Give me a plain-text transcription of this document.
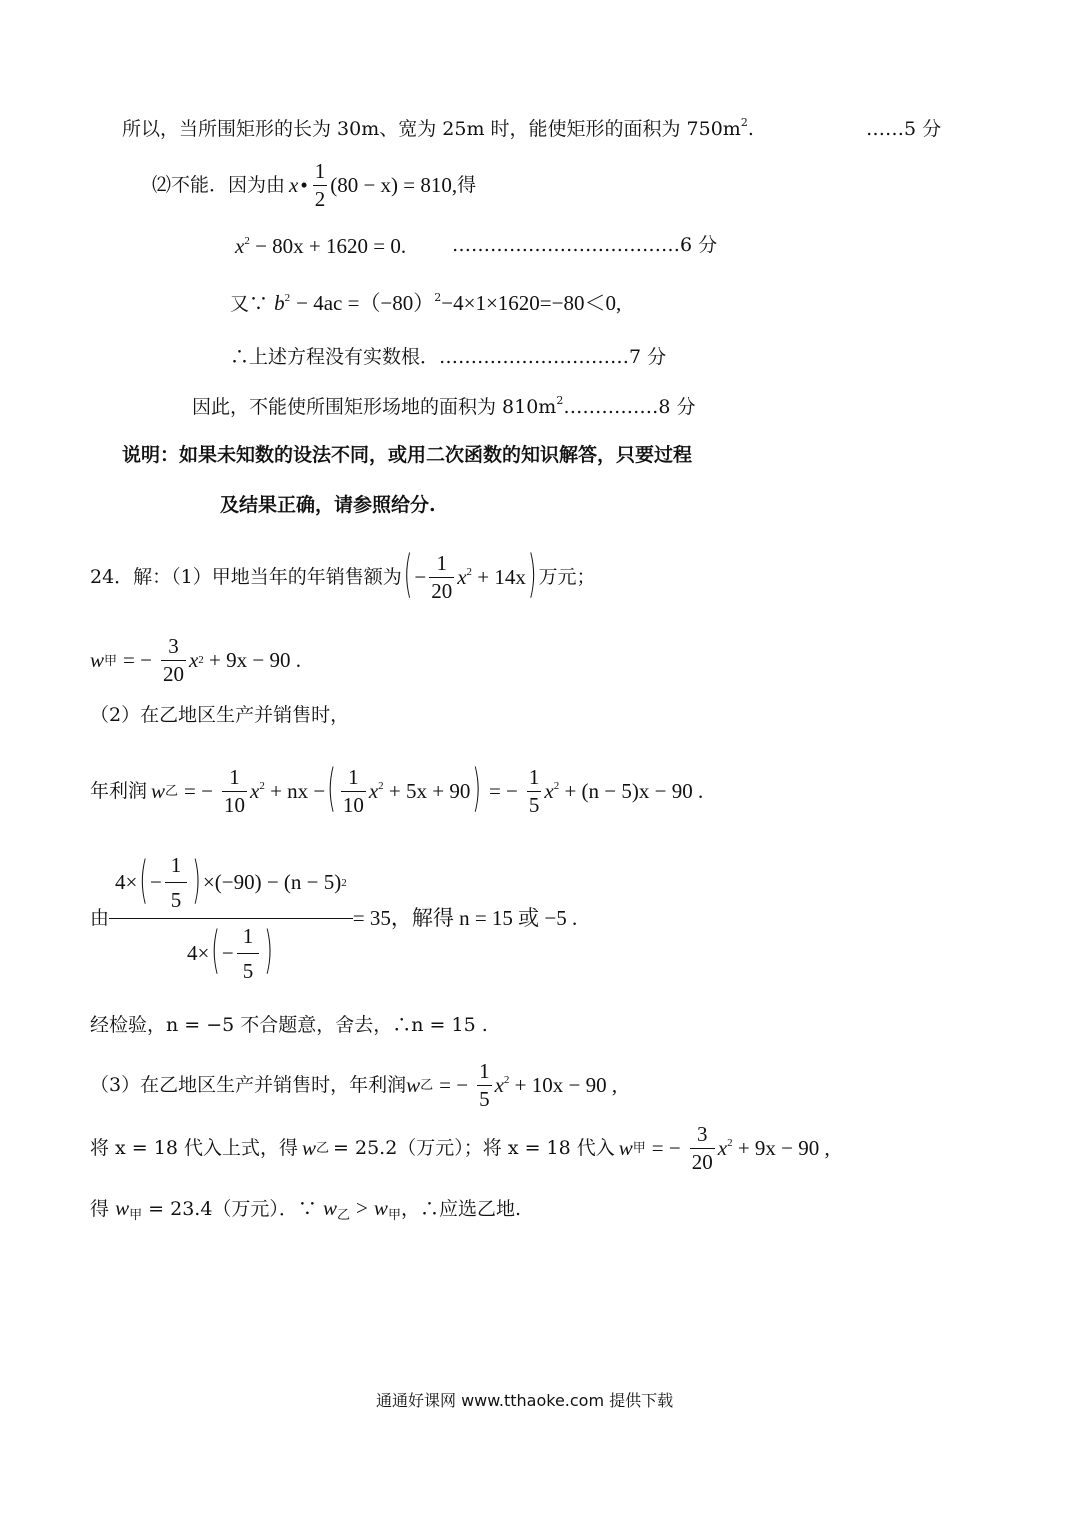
所以，当所围矩形的长为 30m、宽为 25m 时，能使矩形的面积为 $750m^2$.	……5 分
⑵不能．因为由 x • $\frac{1}{2} (80 - x) = 810$, 得
$x^2 - 80x + 1620 = 0$. ………………………………6 分
又∵ $b^2 - 4ac =(-80)^2-4\times 1\times 1620=-80<0$,
∴上述方程没有实数根．…………………………7 分
因此，不能使所围矩形场地的面积为 $810m^2\dots\dots\dots\dots\dots 8$ 分
说明：如果未知数的设法不同，或用二次函数的知识解答，只要过程
及结果正确，请参照给分.
24．解：（1）甲地当年的年销售额为 ( − $\frac{1}{20} x^2 + 14x$ ) 万元；
w 甲 = − $\frac{3}{20}$ x 2
+ 9x − 90 .
（2）在乙地区生产并销售时，
年利润 w 乙 = − $\frac{1}{10} x^2$ + nx − ( $\frac{1}{10} x^2 + 5x + 90$ ) = − $\frac{1}{5} x^2 + (n - 5)x - 90$ .
由 $\frac{4\times ( - \frac{1}{5} ) \times(-90) - (n - 5) 2}{4\times ( - \frac{1}{5} )} = 35$，解得 n = 15 或 −5 .
经检验，n = −5 不合题意，舍去，∴n = 15 .
（3）在乙地区生产并销售时，年利润 w 乙 = − $\frac{1}{5} x^2 + 10x - 90$ ,
将 x = 18 代入上式，得 w 乙 = 25.2（万元）；将 x = 18 代入 w 甲 = − $\frac{3}{20} x^2 + 9x - 90$ ,
得 $w_甲 = 23.4$（万元）．∵ $w_乙 > w_甲$，∴应选乙地.
通通好课网 www.tthaoke.com 提供下载
